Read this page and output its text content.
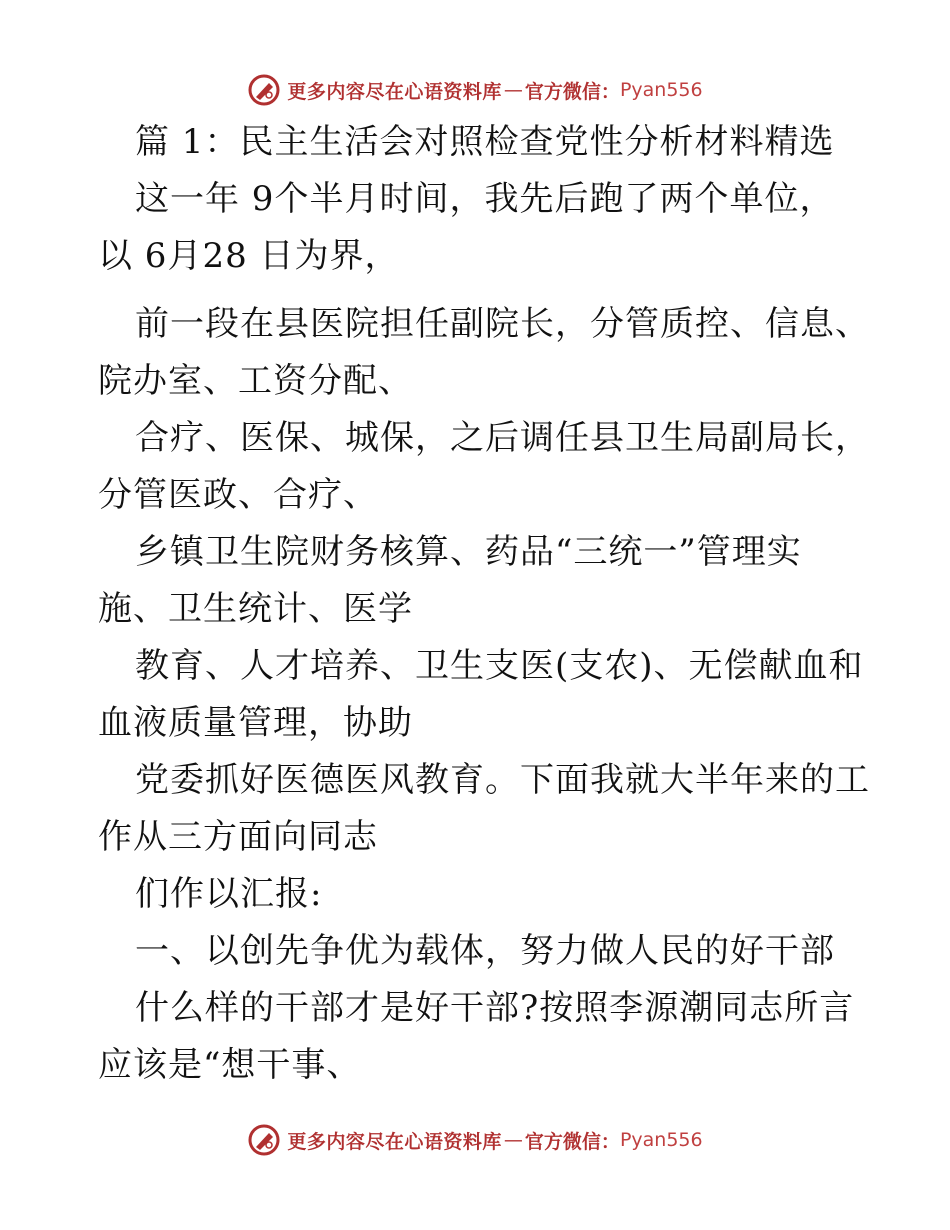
更多内容尽在心语资料库 — 官方微信： Pyan556
篇 1：民主生活会对照检查党性分析材料精选
这一年 9个半月时间，我先后跑了两个单位，
以 6月28 日为界，
前一段在县医院担任副院长，分管质控、信息、
院办室、工资分配、
合疗、医保、城保，之后调任县卫生局副局长，
分管医政、合疗、
乡镇卫生院财务核算、药品“三统一”管理实
施、卫生统计、医学
教育、人才培养、卫生支医(支农)、无偿献血和
血液质量管理，协助
党委抓好医德医风教育。下面我就大半年来的工
作从三方面向同志
们作以汇报:
一、以创先争优为载体，努力做人民的好干部
什么样的干部才是好干部?按照李源潮同志所言
应该是“想干事、
更多内容尽在心语资料库 — 官方微信： Pyan556
